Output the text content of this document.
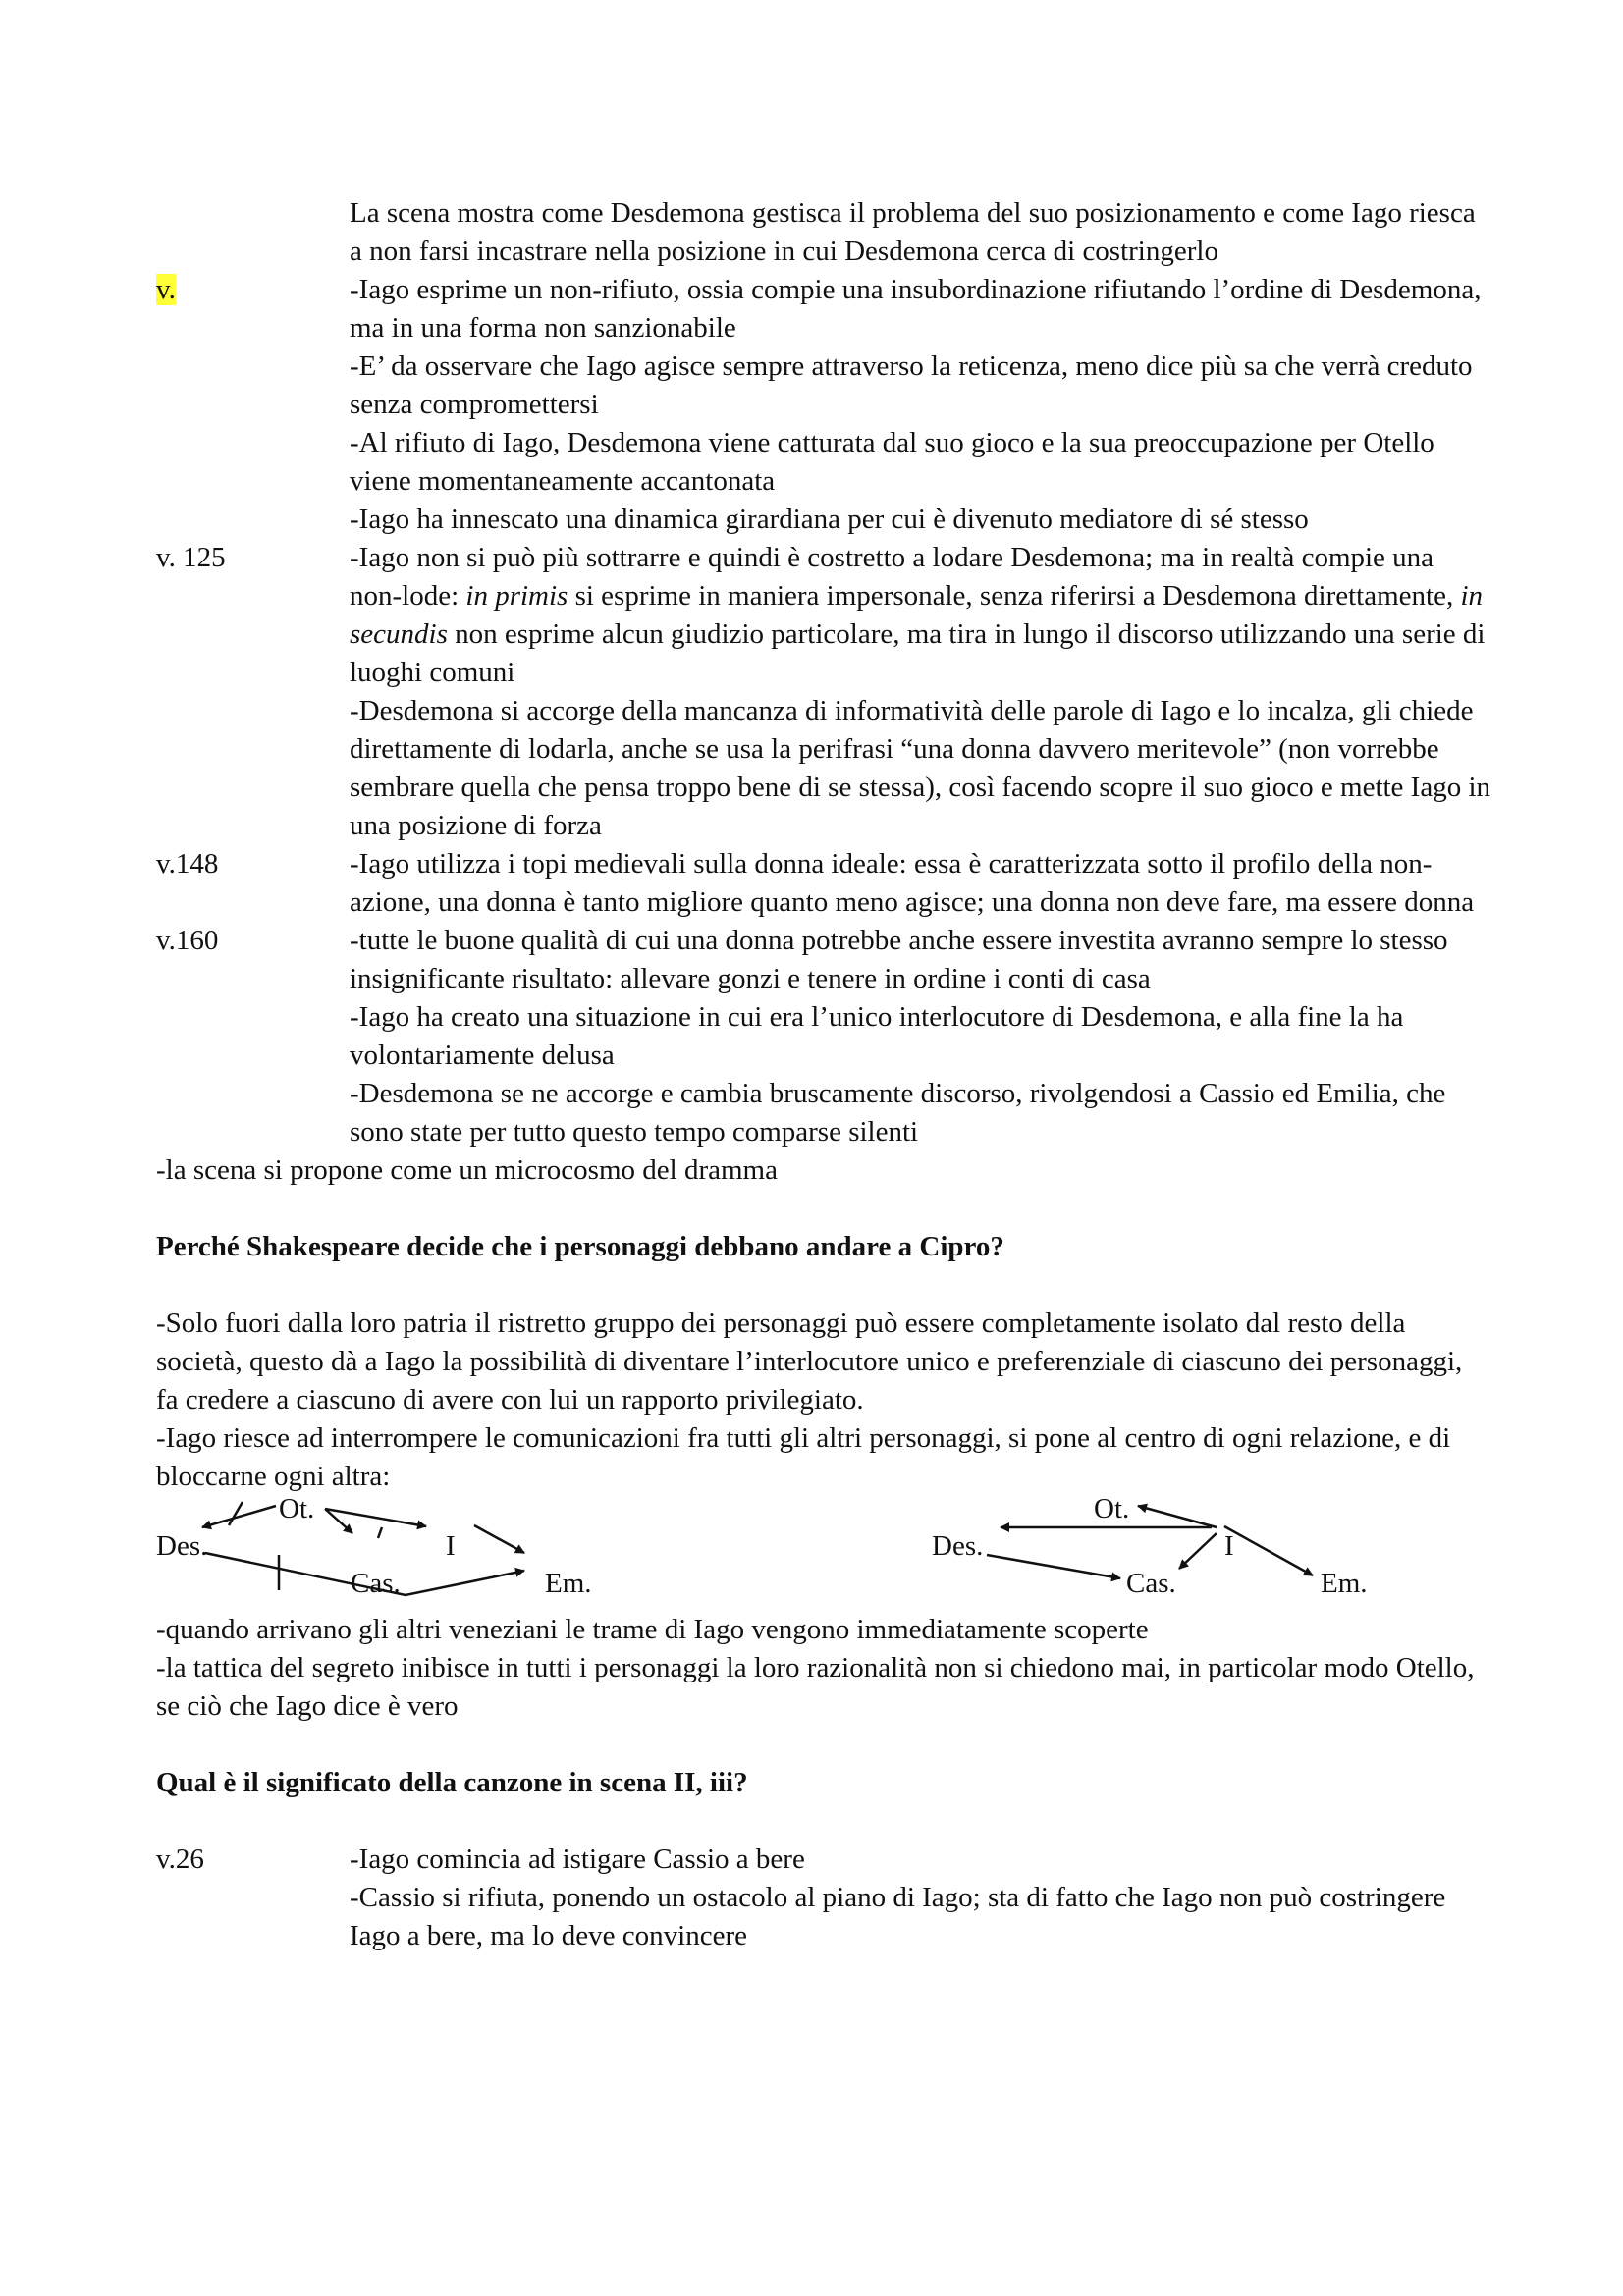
La scena mostra come Desdemona gestisca il problema del suo posizionamento e come Iago riesca a non farsi incastrare nella posizione in cui Desdemona cerca di costringerlo
v.	-Iago esprime un non-rifiuto, ossia compie una insubordinazione rifiutando l’ordine di Desdemona, ma in una forma non sanzionabile
-E’ da osservare che Iago agisce sempre attraverso la reticenza, meno dice più sa che verrà creduto senza compromettersi
-Al rifiuto di Iago, Desdemona viene catturata dal suo gioco e la sua preoccupazione per Otello viene momentaneamente accantonata
-Iago ha innescato una dinamica girardiana per cui è divenuto mediatore di sé stesso
v. 125	-Iago non si può più sottrarre e quindi è costretto a lodare Desdemona; ma in realtà compie una non-lode: in primis si esprime in maniera impersonale, senza riferirsi a Desdemona direttamente, in secundis non esprime alcun giudizio particolare, ma tira in lungo il discorso utilizzando una serie di luoghi comuni
-Desdemona si accorge della mancanza di informatività delle parole di Iago e lo incalza, gli chiede direttamente di lodarla, anche se usa la perifrasi “una donna davvero meritevole” (non vorrebbe sembrare quella che pensa troppo bene di se stessa), così facendo scopre il suo gioco e mette Iago in una posizione di forza
v.148	-Iago utilizza i topi medievali sulla donna ideale: essa è caratterizzata sotto il profilo della non-azione, una donna è tanto migliore quanto meno agisce; una donna non deve fare, ma essere donna
v.160	-tutte le buone qualità di cui una donna potrebbe anche essere investita avranno sempre lo stesso insignificante risultato: allevare gonzi e tenere in ordine i conti di casa
-Iago ha creato una situazione in cui era l’unico interlocutore di Desdemona, e alla fine la ha volontariamente delusa
-Desdemona se ne accorge e cambia bruscamente discorso, rivolgendosi a Cassio ed Emilia, che sono state per tutto questo tempo comparse silenti
-la scena si propone come un microcosmo del dramma
Perché Shakespeare decide che i personaggi debbano andare a Cipro?
-Solo fuori dalla loro patria il ristretto gruppo dei personaggi può essere completamente isolato dal resto della società, questo dà a Iago la possibilità di diventare l’interlocutore unico e preferenziale di ciascuno dei personaggi, fa credere a ciascuno di avere con lui un rapporto privilegiato.
-Iago riesce ad interrompere le comunicazioni fra tutti gli altri personaggi, si pone al centro di ogni relazione, e di bloccarne ogni altra:
Ot.
Des.	I
Cas.	Em.
Ot.
Des.	I
Cas.	Em.
-quando arrivano gli altri veneziani le trame di Iago vengono immediatamente scoperte
-la tattica del segreto inibisce in tutti i personaggi la loro razionalità non si chiedono mai, in particolar modo Otello, se ciò che Iago dice è vero
Qual è il significato della canzone in scena II, iii?
v.26	-Iago comincia ad istigare Cassio a bere
-Cassio si rifiuta, ponendo un ostacolo al piano di Iago; sta di fatto che Iago non può costringere Iago a bere, ma lo deve convincere
